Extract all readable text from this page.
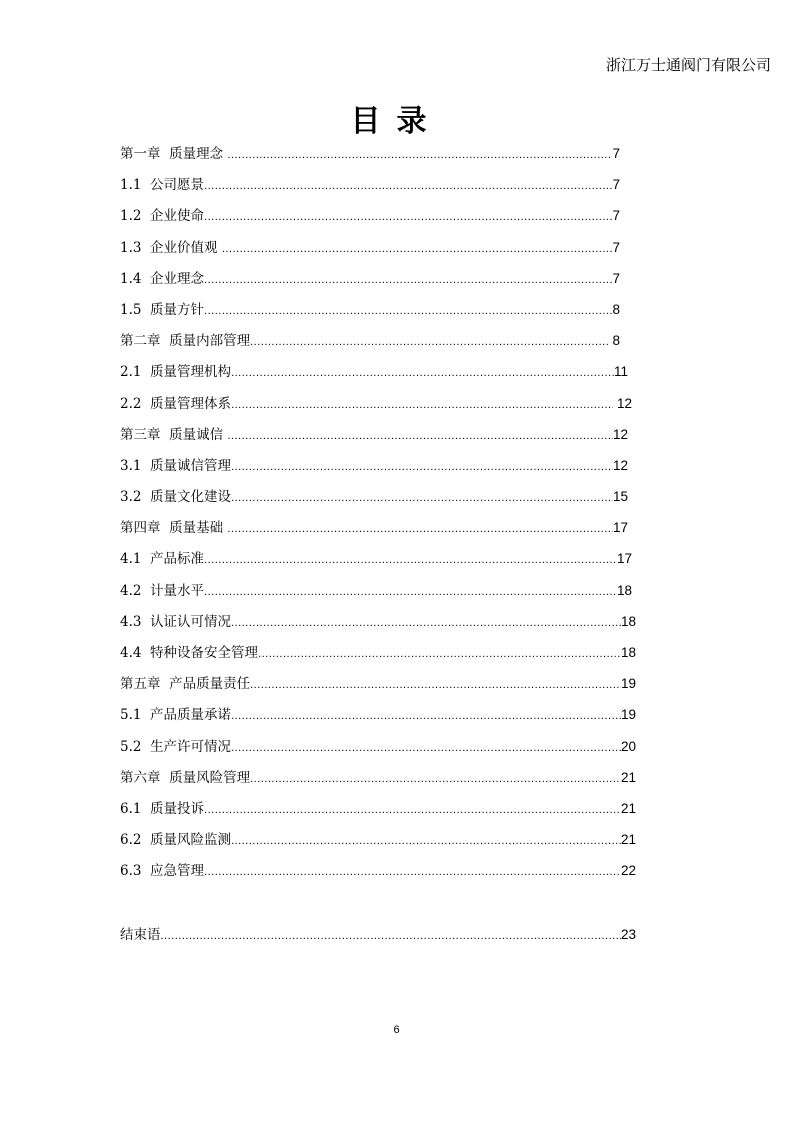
浙江万士通阀门有限公司
目录
第一章  质量理念 .....	7
1.1  公司愿景 .....	7
1.2  企业使命 .....	7
1.3  企业价值观 .....	7
1.4  企业理念 .....	7
1.5  质量方针 .....	8
第二章  质量内部管理 .....	8
2.1  质量管理机构 .....	11
2.2  质量管理体系 .....	12
第三章  质量诚信 .....	12
3.1  质量诚信管理 .....	12
3.2  质量文化建设 .....	15
第四章  质量基础 .....	17
4.1  产品标准 .....	17
4.2  计量水平 .....	18
4.3  认证认可情况 .....	18
4.4  特种设备安全管理 .....	18
第五章  产品质量责任 .....	19
5.1  产品质量承诺 .....	19
5.2  生产许可情况 .....	20
第六章  质量风险管理 .....	21
6.1  质量投诉 .....	21
6.2  质量风险监测 .....	21
6.3  应急管理 .....	22
结束语 .....	23
6
